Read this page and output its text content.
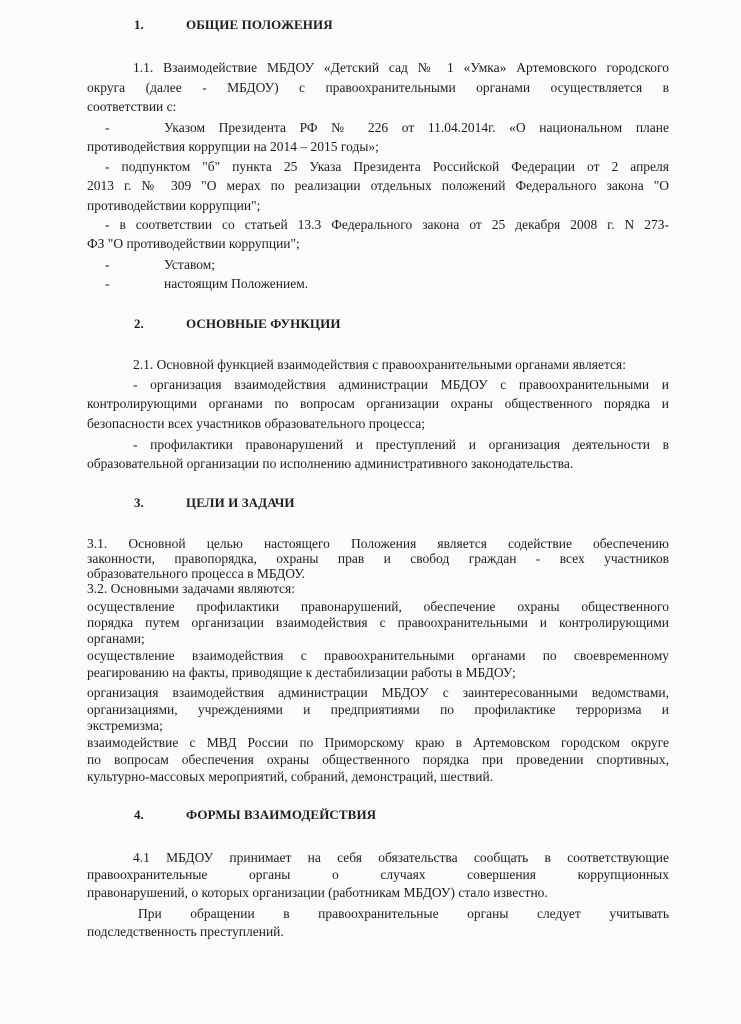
1.	ОБЩИЕ ПОЛОЖЕНИЯ
1.1. Взаимодействие МБДОУ «Детский сад № 1 «Умка» Артемовского городского
округа (далее - МБДОУ) с правоохранительными органами осуществляется в
соответствии с:
-	Указом Президента РФ № 226 от 11.04.2014г. «О национальном плане
противодействия коррупции на 2014 – 2015 годы»;
- подпунктом "б" пункта 25 Указа Президента Российской Федерации от 2 апреля
2013 г. № 309 "О мерах по реализации отдельных положений Федерального закона "О
противодействии коррупции";
- в соответствии со статьей 13.3 Федерального закона от 25 декабря 2008 г. N 273-
ФЗ "О противодействии коррупции";
-	Уставом;
-	настоящим Положением.
2.	ОСНОВНЫЕ ФУНКЦИИ
2.1. Основной функцией взаимодействия с правоохранительными органами является:
- организация взаимодействия администрации МБДОУ с правоохранительными и
контролирующими органами по вопросам организации охраны общественного порядка и
безопасности всех участников образовательного процесса;
- профилактики правонарушений и преступлений и организация деятельности в
образовательной организации по исполнению административного законодательства.
3.	ЦЕЛИ И ЗАДАЧИ
3.1. Основной целью настоящего Положения является содействие обеспечению
законности, правопорядка, охраны прав и свобод граждан - всех участников
образовательного процесса в МБДОУ.
3.2. Основными задачами являются:
осуществление профилактики правонарушений, обеспечение охраны общественного
порядка путем организации взаимодействия с правоохранительными и контролирующими
органами;
осуществление взаимодействия с правоохранительными органами по своевременному
реагированию на факты, приводящие к дестабилизации работы в МБДОУ;
организация взаимодействия администрации МБДОУ с заинтересованными ведомствами,
организациями, учреждениями и предприятиями по профилактике терроризма и
экстремизма;
взаимодействие с МВД России по Приморскому краю в Артемовском городском округе
по вопросам обеспечения охраны общественного порядка при проведении спортивных,
культурно-массовых мероприятий, собраний, демонстраций, шествий.
4.	ФОРМЫ ВЗАИМОДЕЙСТВИЯ
4.1 МБДОУ принимает на себя обязательства сообщать в соответствующие
правоохранительные органы о случаях совершения коррупционных
правонарушений, о которых организации (работникам МБДОУ) стало известно.
При обращении в правоохранительные органы следует учитывать
подследственность преступлений.
